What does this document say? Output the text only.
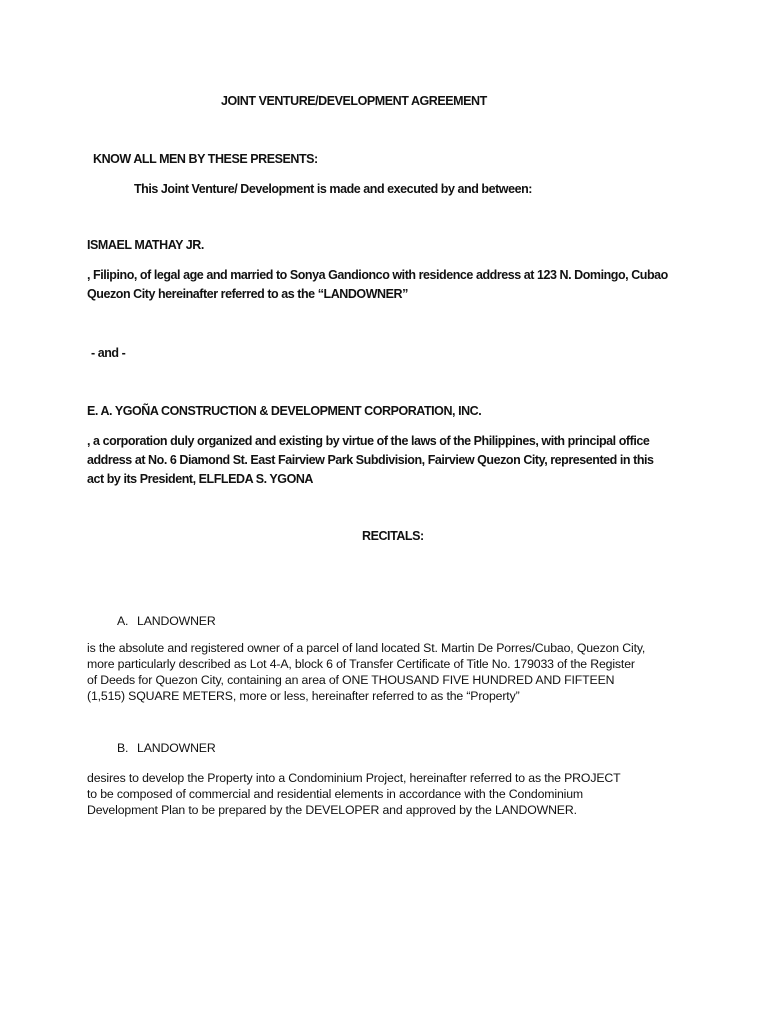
JOINT VENTURE/DEVELOPMENT AGREEMENT
KNOW ALL MEN BY THESE PRESENTS:
This Joint Venture/ Development is made and executed by and between:
ISMAEL MATHAY JR.
, Filipino, of legal age and married to Sonya Gandionco with residence address at 123 N. Domingo, Cubao
Quezon City hereinafter referred to as the “LANDOWNER”
- and -
E. A. YGOÑA CONSTRUCTION & DEVELOPMENT CORPORATION, INC.
, a corporation duly organized and existing by virtue of the laws of the Philippines, with principal office
address at No. 6 Diamond St. East Fairview Park Subdivision, Fairview Quezon City, represented in this
act by its President, ELFLEDA S. YGONA
RECITALS:
A. LANDOWNER
is the absolute and registered owner of a parcel of land located St. Martin De Porres/Cubao, Quezon City,
more particularly described as Lot 4-A, block 6 of Transfer Certificate of Title No. 179033 of the Register
of Deeds for Quezon City, containing an area of ONE THOUSAND FIVE HUNDRED AND FIFTEEN
(1,515) SQUARE METERS, more or less, hereinafter referred to as the “Property”
B. LANDOWNER
desires to develop the Property into a Condominium Project, hereinafter referred to as the PROJECT
to be composed of commercial and residential elements in accordance with the Condominium
Development Plan to be prepared by the DEVELOPER and approved by the LANDOWNER.
